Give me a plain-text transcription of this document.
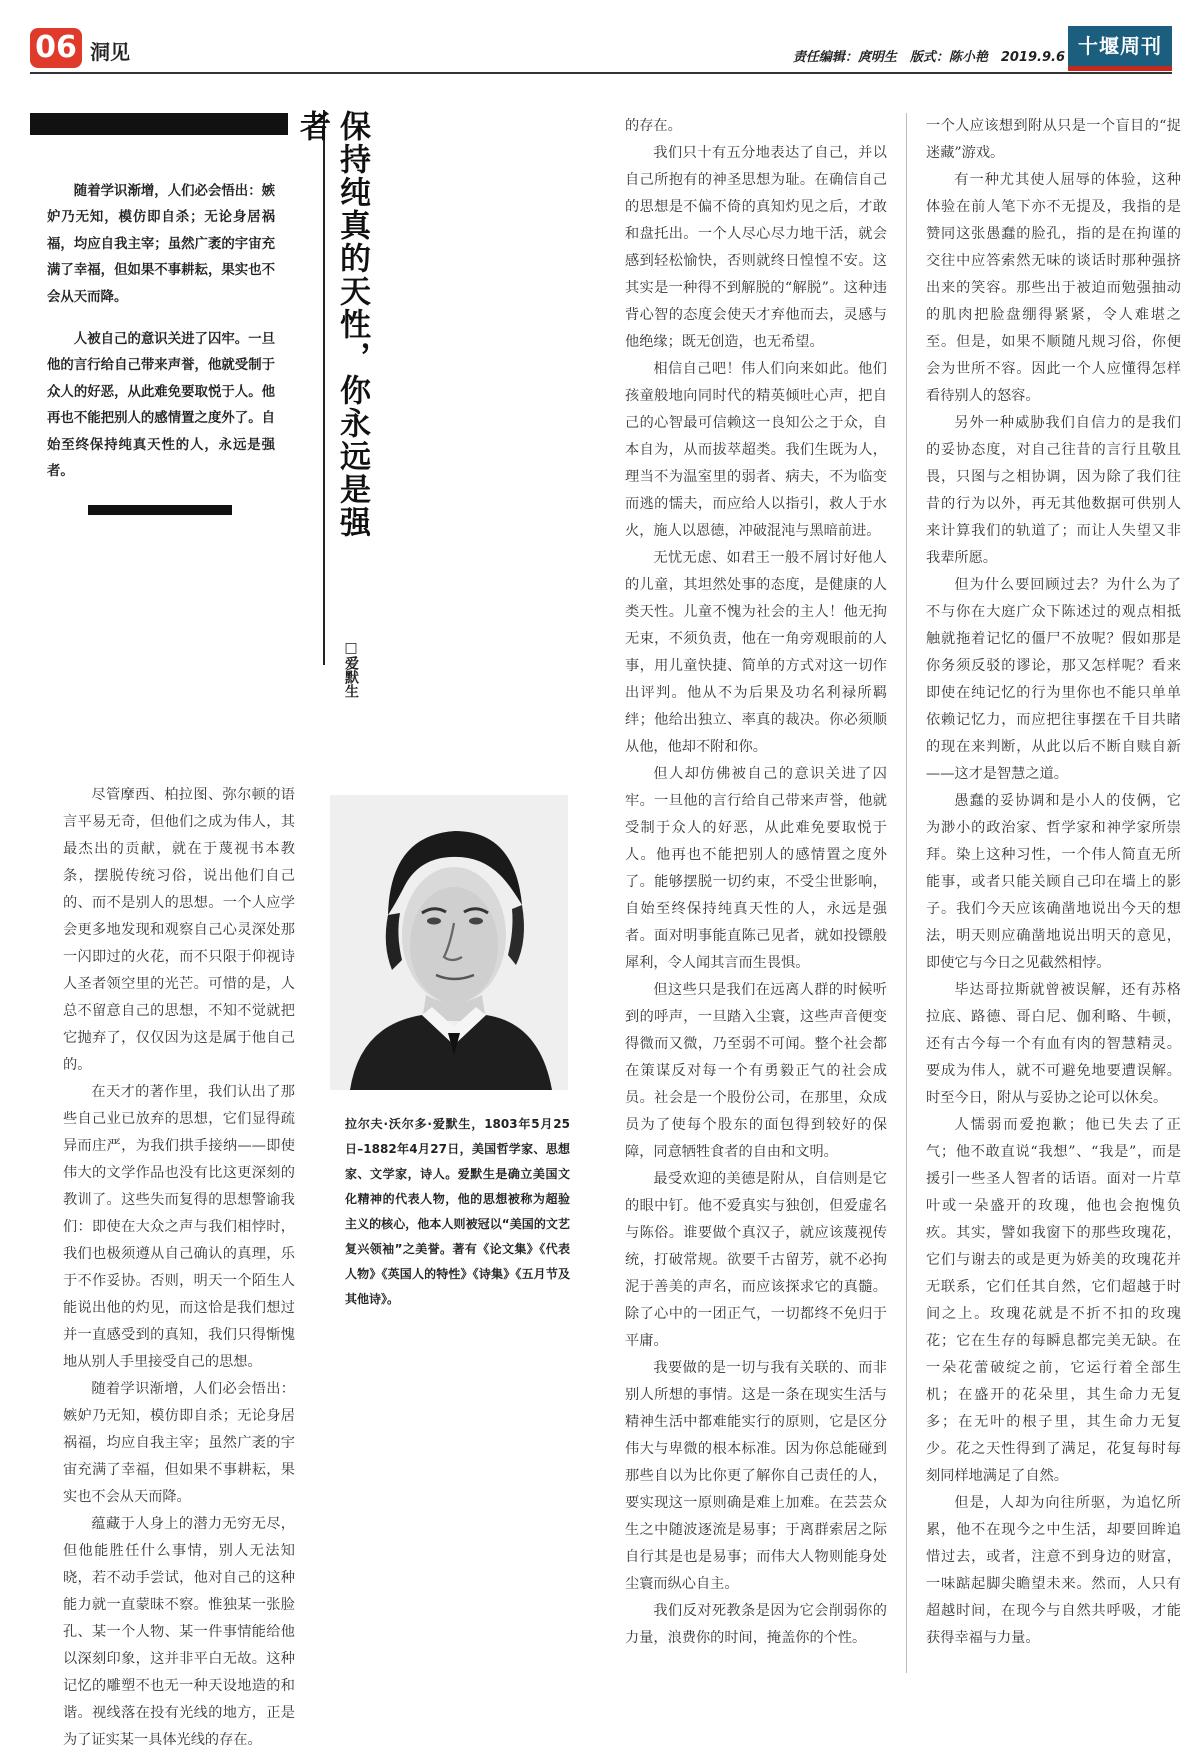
06 洞见	责任编辑：庹明生　版式：陈小艳　2019.9.6 十堰周刊

随着学识渐增，人们必会悟出：嫉妒乃无知，模仿即自杀；无论身居祸福，均应自我主宰；虽然广袤的宇宙充满了幸福，但如果不事耕耘，果实也不会从天而降。

人被自己的意识关进了囚牢。一旦他的言行给自己带来声誉，他就受制于众人的好恶，从此难免要取悦于人。他再也不能把别人的感情置之度外了。自始至终保持纯真天性的人，永远是强者。	保持纯真的天性，你永远是强者
□爱默生
拉尔夫·沃尔多·爱默生，1803年5月25日–1882年4月27日，美国哲学家、思想家、文学家，诗人。爱默生是确立美国文化精神的代表人物，他的思想被称为超验主义的核心，他本人则被冠以“美国的文艺复兴领袖”之美誉。著有《论文集》《代表人物》《英国人的特性》《诗集》《五月节及其他诗》。

尽管摩西、柏拉图、弥尔顿的语言平易无奇，但他们之成为伟人，其最杰出的贡献，就在于蔑视书本教条，摆脱传统习俗，说出他们自己的、而不是别人的思想。一个人应学会更多地发现和观察自己心灵深处那一闪即过的火花，而不只限于仰视诗人圣者领空里的光芒。可惜的是，人总不留意自己的思想，不知不觉就把它抛弃了，仅仅因为这是属于他自己的。

在天才的著作里，我们认出了那些自己业已放弃的思想，它们显得疏异而庄严，为我们拱手接纳——即使伟大的文学作品也没有比这更深刻的教训了。这些失而复得的思想警谕我们：即使在大众之声与我们相悖时，我们也极须遵从自己确认的真理，乐于不作妥协。否则，明天一个陌生人能说出他的灼见，而这恰是我们想过并一直感受到的真知，我们只得惭愧地从别人手里接受自己的思想。

随着学识渐增，人们必会悟出：嫉妒乃无知，模仿即自杀；无论身居祸福，均应自我主宰；虽然广袤的宇宙充满了幸福，但如果不事耕耘，果实也不会从天而降。

蕴藏于人身上的潜力无穷无尽，但他能胜任什么事情，别人无法知晓，若不动手尝试，他对自己的这种能力就一直蒙昧不察。惟独某一张脸孔、某一个人物、某一件事情能给他以深刻印象，这并非平白无故。这种记忆的雕塑不也无一种天设地造的和谐。视线落在投有光线的地方，正是为了证实某一具体光线的存在。

的存在。

我们只十有五分地表达了自己，并以自己所抱有的神圣思想为耻。在确信自己的思想是不偏不倚的真知灼见之后，才敢和盘托出。一个人尽心尽力地干活，就会感到轻松愉快，否则就终日惶惶不安。这其实是一种得不到解脱的“解脱”。这种违背心智的态度会使天才弃他而去，灵感与他绝缘；既无创造，也无希望。

相信自己吧！伟人们向来如此。他们孩童般地向同时代的精英倾吐心声，把自己的心智最可信赖这一良知公之于众，自本自为，从而拔萃超类。我们生既为人，理当不为温室里的弱者、病夫，不为临变而逃的懦夫，而应给人以指引，救人于水火，施人以恩德，冲破混沌与黑暗前进。

无忧无虑、如君王一般不屑讨好他人的儿童，其坦然处事的态度，是健康的人类天性。儿童不愧为社会的主人！他无拘无束，不须负责，他在一角旁观眼前的人事，用儿童快捷、简单的方式对这一切作出评判。他从不为后果及功名利禄所羁绊；他给出独立、率真的裁决。你必须顺从他，他却不附和你。

但人却仿佛被自己的意识关进了囚牢。一旦他的言行给自己带来声誉，他就受制于众人的好恶，从此难免要取悦于人。他再也不能把别人的感情置之度外了。能够摆脱一切约束，不受尘世影响，自始至终保持纯真天性的人，永远是强者。面对明事能直陈己见者，就如投镖般犀利，令人闻其言而生畏惧。

但这些只是我们在远离人群的时候听到的呼声，一旦踏入尘寰，这些声音便变得微而又微，乃至弱不可闻。整个社会都在策谋反对每一个有勇毅正气的社会成员。社会是一个股份公司，在那里，众成员为了使每个股东的面包得到较好的保障，同意牺牲食者的自由和文明。

最受欢迎的美德是附从，自信则是它的眼中钉。他不爱真实与独创，但爱虚名与陈俗。谁要做个真汉子，就应该蔑视传统，打破常规。欲要千古留芳，就不必拘泥于善美的声名，而应该探求它的真髓。除了心中的一团正气，一切都终不免归于平庸。

我要做的是一切与我有关联的、而非别人所想的事情。这是一条在现实生活与精神生活中都难能实行的原则，它是区分伟大与卑微的根本标准。因为你总能碰到那些自以为比你更了解你自己责任的人，要实现这一原则确是难上加难。在芸芸众生之中随波逐流是易事；于离群索居之际自行其是也是易事；而伟大人物则能身处尘寰而纵心自主。

我们反对死教条是因为它会削弱你的力量，浪费你的时间，掩盖你的个性。

一个人应该想到附从只是一个盲目的“捉迷藏”游戏。

有一种尤其使人屈辱的体验，这种体验在前人笔下亦不无提及，我指的是赞同这张愚蠢的脸孔，指的是在拘谨的交往中应答索然无味的谈话时那种强挤出来的笑容。那些出于被迫而勉强抽动的肌肉把脸盘绷得紧紧，令人难堪之至。但是，如果不顺随凡规习俗，你便会为世所不容。因此一个人应懂得怎样看待别人的怒容。

另外一种威胁我们自信力的是我们的妥协态度，对自己往昔的言行且敬且畏，只图与之相协调，因为除了我们往昔的行为以外，再无其他数据可供别人来计算我们的轨道了；而让人失望又非我辈所愿。

但为什么要回顾过去？为什么为了不与你在大庭广众下陈述过的观点相抵触就拖着记忆的僵尸不放呢？假如那是你务须反驳的谬论，那又怎样呢？看来即使在纯记忆的行为里你也不能只单单依赖记忆力，而应把往事摆在千目共睹的现在来判断，从此以后不断自赎自新——这才是智慧之道。

愚蠢的妥协调和是小人的伎俩，它为渺小的政治家、哲学家和神学家所崇拜。染上这种习性，一个伟人简直无所能事，或者只能关顾自己印在墙上的影子。我们今天应该确凿地说出今天的想法，明天则应确凿地说出明天的意见，即使它与今日之见截然相悖。

毕达哥拉斯就曾被误解，还有苏格拉底、路德、哥白尼、伽利略、牛顿，还有古今每一个有血有肉的智慧精灵。要成为伟人，就不可避免地要遭误解。时至今日，附从与妥协之论可以休矣。

人懦弱而爱抱歉；他已失去了正气；他不敢直说“我想”、“我是”，而是援引一些圣人智者的话语。面对一片草叶或一朵盛开的玫瑰，他也会抱愧负疚。其实，譬如我窗下的那些玫瑰花，它们与谢去的或是更为娇美的玫瑰花并无联系，它们任其自然，它们超越于时间之上。玫瑰花就是不折不扣的玫瑰花；它在生存的每瞬息都完美无缺。在一朵花蕾破绽之前，它运行着全部生机；在盛开的花朵里，其生命力无复多；在无叶的根子里，其生命力无复少。花之天性得到了满足，花复每时每刻同样地满足了自然。

但是，人却为向往所驱，为追忆所累，他不在现今之中生活，却要回眸追惜过去，或者，注意不到身边的财富，一味踮起脚尖瞻望未来。然而，人只有超越时间，在现今与自然共呼吸，才能获得幸福与力量。
